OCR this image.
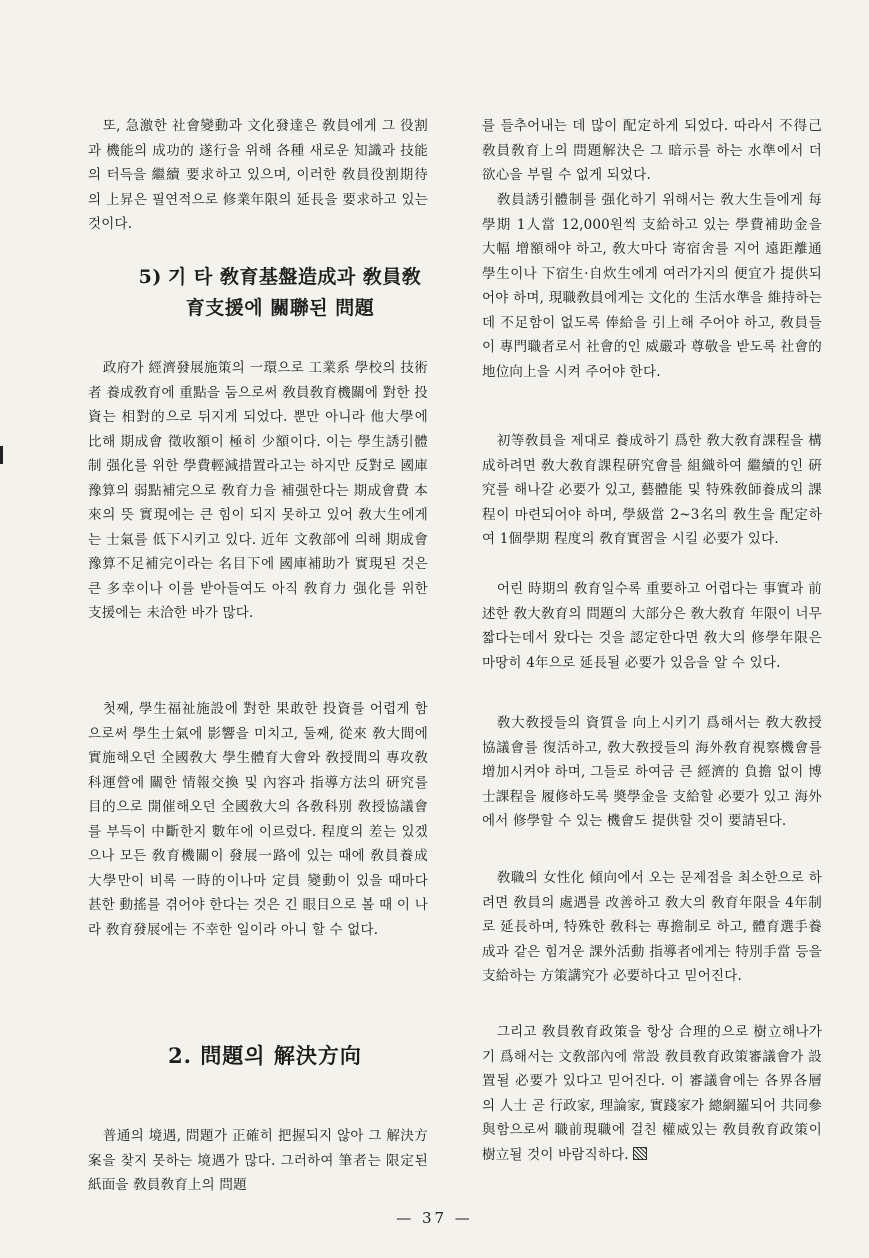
또, 急激한 社會變動과 文化發達은 敎員에게 그 役割과 機能의 成功的 遂行을 위해 各種 새로운 知識과 技能의 터득을 繼續 要求하고 있으며, 이러한 敎員役割期待의 上昇은 필연적으로 修業年限의 延長을 要求하고 있는 것이다.

5) 기 타 敎育基盤造成과 敎員敎
育支援에 關聯된 問題

政府가 經濟發展施策의 一環으로 工業系 學校의 技術者 養成敎育에 重點을 둠으로써 敎員敎育機關에 對한 投資는 相對的으로 뒤지게 되었다. 뿐만 아니라 他大學에 比해 期成會 徵收額이 極히 少額이다. 이는 學生誘引體制 强化를 위한 學費輕減措置라고는 하지만 反對로 國庫豫算의 弱點補完으로 敎育力을 補强한다는 期成會費 本來의 뜻 實現에는 큰 힘이 되지 못하고 있어 敎大生에게는 士氣를 低下시키고 있다. 近年 文敎部에 의해 期成會 豫算不足補完이라는 名目下에 國庫補助가 實現된 것은 큰 多幸이나 이를 받아들여도 아직 敎育力 强化를 위한 支援에는 未洽한 바가 많다.

첫째, 學生福祉施設에 對한 果敢한 投資를 어렵게 함으로써 學生士氣에 影響을 미치고, 둘째, 從來 敎大間에 實施해오던 全國敎大 學生體育大會와 敎授間의 專攻敎科運營에 關한 情報交換 및 內容과 指導方法의 硏究를 目的으로 開催해오던 全國敎大의 各敎科別 敎授協議會를 부득이 中斷한지 數年에 이르렀다. 程度의 差는 있겠으나 모든 敎育機關이 發展一路에 있는 때에 敎員養成 大學만이 비록 一時的이나마 定員 變動이 있을 때마다 甚한 動搖를 겪어야 한다는 것은 긴 眼目으로 볼 때 이 나라 敎育發展에는 不幸한 일이라 아니 할 수 없다.

2. 問題의 解決方向

普通의 境遇, 問題가 正確히 把握되지 않아 그 解決方案을 찾지 못하는 境遇가 많다. 그러하여 筆者는 限定된 紙面을 敎員敎育上의 問題

를 들추어내는 데 많이 配定하게 되었다. 따라서 不得己 敎員敎育上의 問題解決은 그 暗示를 하는 水準에서 더 欲心을 부릴 수 없게 되었다.

敎員誘引體制를 强化하기 위해서는 敎大生들에게 每學期 1人當 12,000원씩 支給하고 있는 學費補助金을 大幅 增額해야 하고, 敎大마다 寄宿舍를 지어 遠距離通學生이나 下宿生·自炊生에게 여러가지의 便宜가 提供되어야 하며, 現職敎員에게는 文化的 生活水準을 維持하는데 不足함이 없도록 俸給을 引上해 주어야 하고, 敎員들이 專門職者로서 社會的인 威嚴과 尊敬을 받도록 社會的 地位向上을 시켜 주어야 한다.

初等敎員을 제대로 養成하기 爲한 敎大敎育課程을 構成하려면 敎大敎育課程硏究會를 組織하여 繼續的인 硏究를 해나갈 必要가 있고, 藝體能 및 特殊敎師養成의 課程이 마련되어야 하며, 學級當 2~3名의 敎生을 配定하여 1個學期 程度의 敎育實習을 시킬 必要가 있다.

어린 時期의 敎育일수록 重要하고 어렵다는 事實과 前述한 敎大敎育의 問題의 大部分은 敎大敎育 年限이 너무 짧다는데서 왔다는 것을 認定한다면 敎大의 修學年限은 마땅히 4年으로 延長될 必要가 있음을 알 수 있다.

敎大敎授들의 資質을 向上시키기 爲해서는 敎大敎授協議會를 復活하고, 敎大敎授들의 海外敎育視察機會를 增加시켜야 하며, 그들로 하여금 큰 經濟的 負擔 없이 博士課程을 履修하도록 奬學金을 支給할 必要가 있고 海外에서 修學할 수 있는 機會도 提供할 것이 要請된다.

敎職의 女性化 傾向에서 오는 문제점을 최소한으로 하려면 敎員의 處遇를 改善하고 敎大의 敎育年限을 4年制로 延長하며, 特殊한 敎科는 專擔制로 하고, 體育選手養成과 같은 힘겨운 課外活動 指導者에게는 特別手當 등을 支給하는 方策講究가 必要하다고 믿어진다.

그리고 敎員敎育政策을 항상 合理的으로 樹立해나가기 爲해서는 文敎部內에 常設 敎員敎育政策審議會가 設置될 必要가 있다고 믿어진다. 이 審議會에는 各界各層의 人士 곧 行政家, 理論家, 實踐家가 總網羅되어 共同參與함으로써 職前現職에 걸친 權威있는 敎員敎育政策이 樹立될 것이 바람직하다.

— 37 —
